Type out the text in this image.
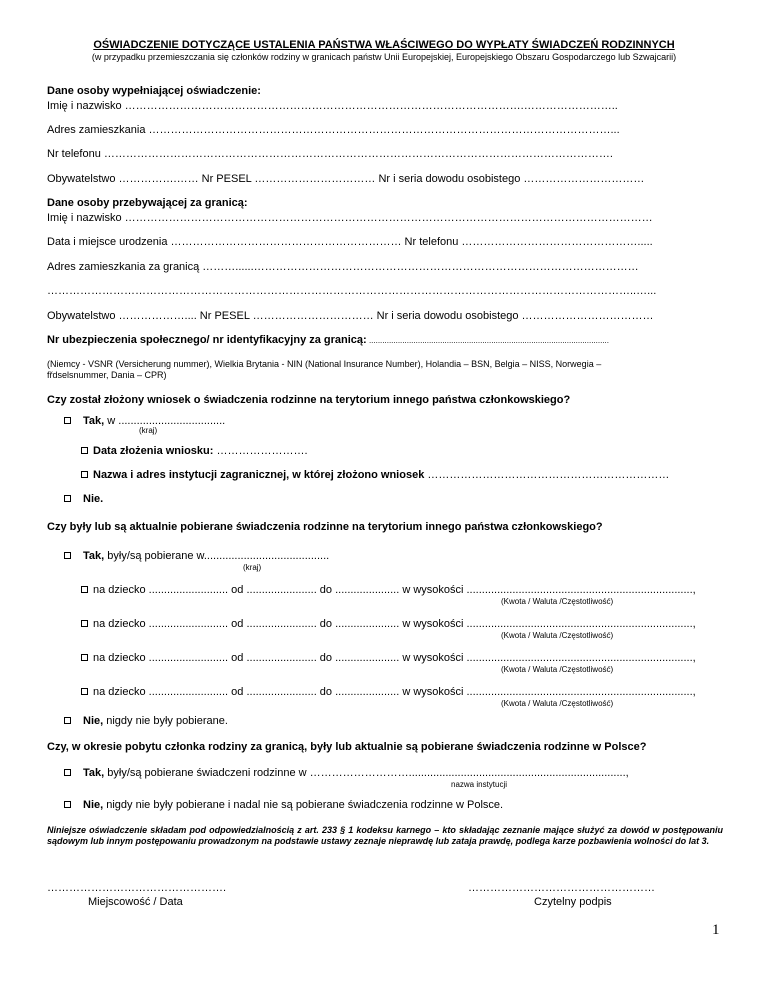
OŚWIADCZENIE DOTYCZĄCE USTALENIA PAŃSTWA WŁAŚCIWEGO DO WYPŁATY ŚWIADCZEŃ RODZINNYCH
(w przypadku przemieszczania się członków rodziny w granicach państw Unii Europejskiej, Europejskiego Obszaru Gospodarczego lub Szwajcarii)
Dane osoby wypełniającej oświadczenie:
Imię i nazwisko ……………………………………………………………………………………………….……………………..
Adres zamieszkania ………………………………………………………………………………………………………………...
Nr telefonu ………………………………………………………………………………………………………………………….
Obywatelstwo …………….…… Nr PESEL …………………………… Nr i seria dowodu osobistego ……………………………
Dane osoby przebywającej za granicą:
Imię i nazwisko ………………………………………………………………………………………………………………………………
Data i miejsce urodzenia ……………………………………………………… Nr telefonu ………………………………………….....
Adres zamieszkania za granicą ………......……………………………………………………………………………………………
……………………………………………………………………………………………………………………………………………..…...
Obywatelstwo ……………….... Nr PESEL …………………………… Nr i seria dowodu osobistego ………………………………
Nr ubezpieczenia społecznego/ nr identyfikacyjny za granicą: ............................................................................................................
(Niemcy - VSNR (Versicherung nummer), Wielkia Brytania - NIN (National Insurance Number), Holandia – BSN, Belgia – NISS, Norwegia –
fřdselsnummer, Dania – CPR)
Czy został złożony wniosek o świadczenia rodzinne na terytorium innego państwa członkowskiego?
Tak, w ...................................
(kraj)
Data złożenia wniosku: …………………….
Nazwa i adres instytucji zagranicznej, w której złożono wniosek …………………………………………………………
Nie.
Czy były lub są aktualnie pobierane świadczenia rodzinne na terytorium innego państwa członkowskiego?
Tak, były/są pobierane w.........................................
(kraj)
na dziecko .......................... od ....................... do ..................... w wysokości ..........................................................................,
(Kwota / Waluta /Częstotliwość)
na dziecko .......................... od ....................... do ..................... w wysokości ..........................................................................,
(Kwota / Waluta /Częstotliwość)
na dziecko .......................... od ....................... do ..................... w wysokości ..........................................................................,
(Kwota / Waluta /Częstotliwość)
na dziecko .......................... od ....................... do ..................... w wysokości ..........................................................................,
(Kwota / Waluta /Częstotliwość)
Nie, nigdy nie były pobierane.
Czy, w okresie pobytu członka rodziny za granicą, były lub aktualnie są pobierane świadczenia rodzinne w Polsce?
Tak, były/są pobierane świadczeni rodzinne w ……………………….......................................................................,
nazwa instytucji
Nie, nigdy nie były pobierane i nadal nie są pobierane świadczenia rodzinne w Polsce.
Niniejsze oświadczenie składam pod odpowiedzialnością z art. 233 § 1 kodeksu karnego – kto składając zeznanie mające służyć za dowód w postępowaniu sądowym lub innym postępowaniu prowadzonym na podstawie ustawy zeznaje nieprawdę lub zataja prawdę, podlega karze pozbawienia wolności do lat 3.
………………………………………….
Miejscowość / Data
……………………………………………
Czytelny podpis
1
